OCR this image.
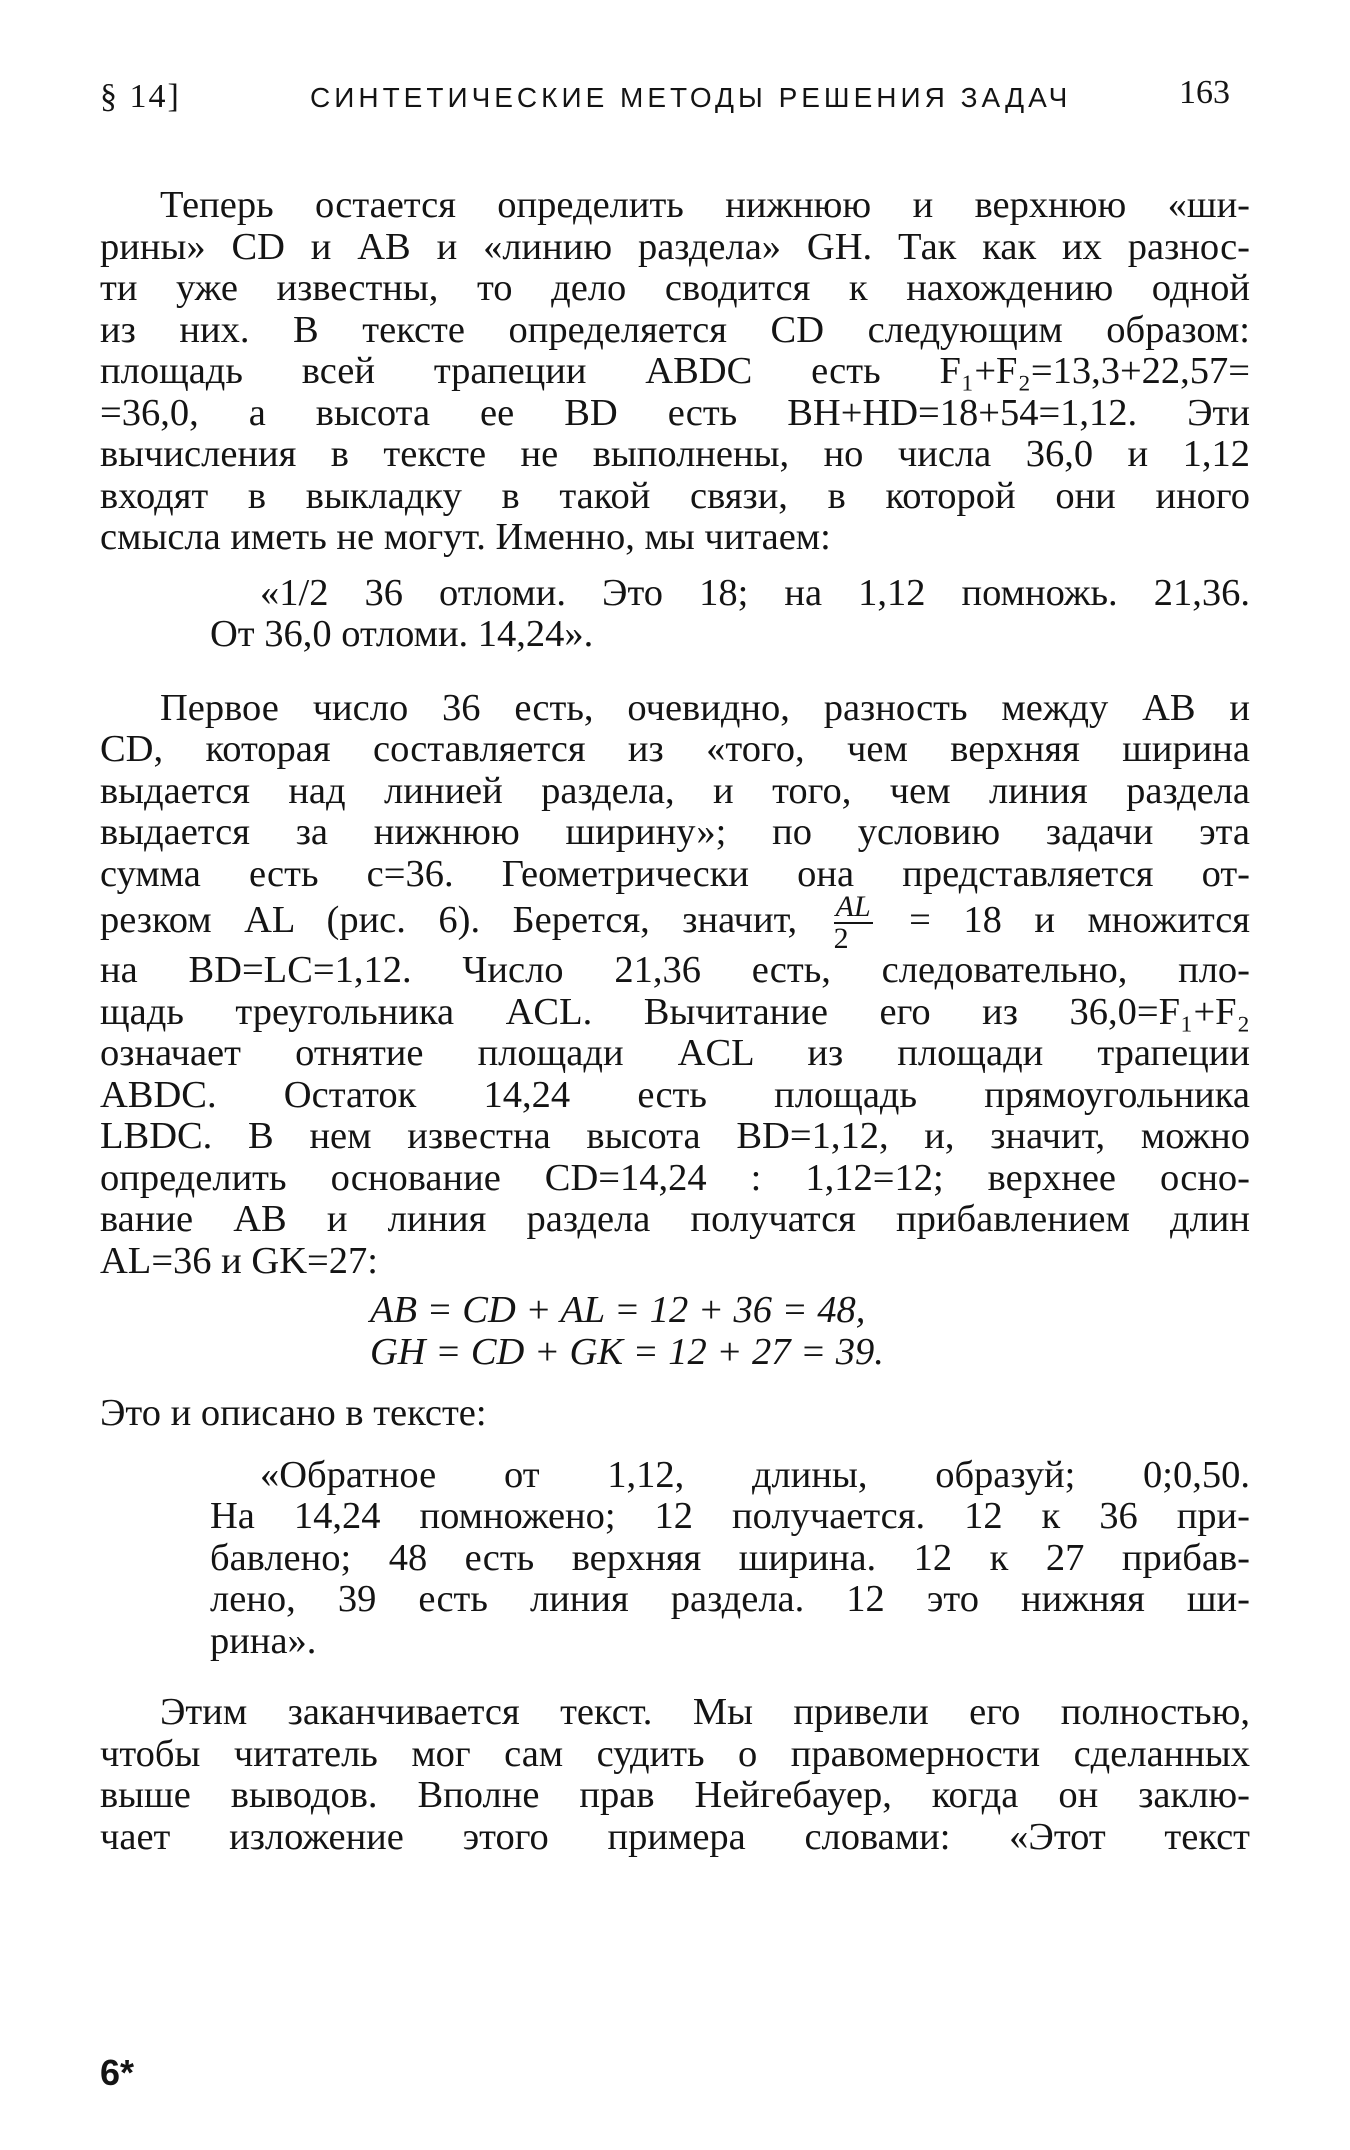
§ 14]	СИНТЕТИЧЕСКИЕ МЕТОДЫ РЕШЕНИЯ ЗАДАЧ	163
Теперь остается определить нижнюю и верхнюю «ши-
рины» CD и AB и «линию раздела» GH. Так как их разнос-
ти уже известны, то дело сводится к нахождению одной
из них. В тексте определяется CD следующим образом:
площадь всей трапеции ABDC есть F₁+F₂=13,3+22,57=
=36,0, а высота ее BD есть BH+HD=18+54=1,12. Эти
вычисления в тексте не выполнены, но числа 36,0 и 1,12
входят в выкладку в такой связи, в которой они иного
смысла иметь не могут. Именно, мы читаем:
«1/2 36 отломи. Это 18; на 1,12 помножь. 21,36.
От 36,0 отломи. 14,24».
Первое число 36 есть, очевидно, разность между AB и
CD, которая составляется из «того, чем верхняя ширина
выдается над линией раздела, и того, чем линия раздела
выдается за нижнюю ширину»; по условию задачи эта
сумма есть c=36. Геометрически она представляется от-
резком AL (рис. 6). Берется, значит, $\frac{AL}{2} = 18$ и множится
на BD=LC=1,12. Число 21,36 есть, следовательно, пло-
щадь треугольника ACL. Вычитание его из 36,0=F₁+F₂
означает отнятие площади ACL из площади трапеции
ABDC. Остаток 14,24 есть площадь прямоугольника
LBDC. В нем известна высота BD=1,12, и, значит, можно
определить основание CD=14,24 : 1,12=12; верхнее осно-
вание AB и линия раздела получатся прибавлением длин
AL=36 и GK=27:
AB = CD + AL = 12 + 36 = 48,
GH = CD + GK = 12 + 27 = 39.
Это и описано в тексте:
«Обратное от 1,12, длины, образуй; 0;0,50.
На 14,24 помножено; 12 получается. 12 к 36 при-
бавлено; 48 есть верхняя ширина. 12 к 27 прибав-
лено, 39 есть линия раздела. 12 это нижняя ши-
рина».
Этим заканчивается текст. Мы привели его полностью,
чтобы читатель мог сам судить о правомерности сделанных
выше выводов. Вполне прав Нейгебауер, когда он заклю-
чает изложение этого примера словами: «Этот текст
6*
